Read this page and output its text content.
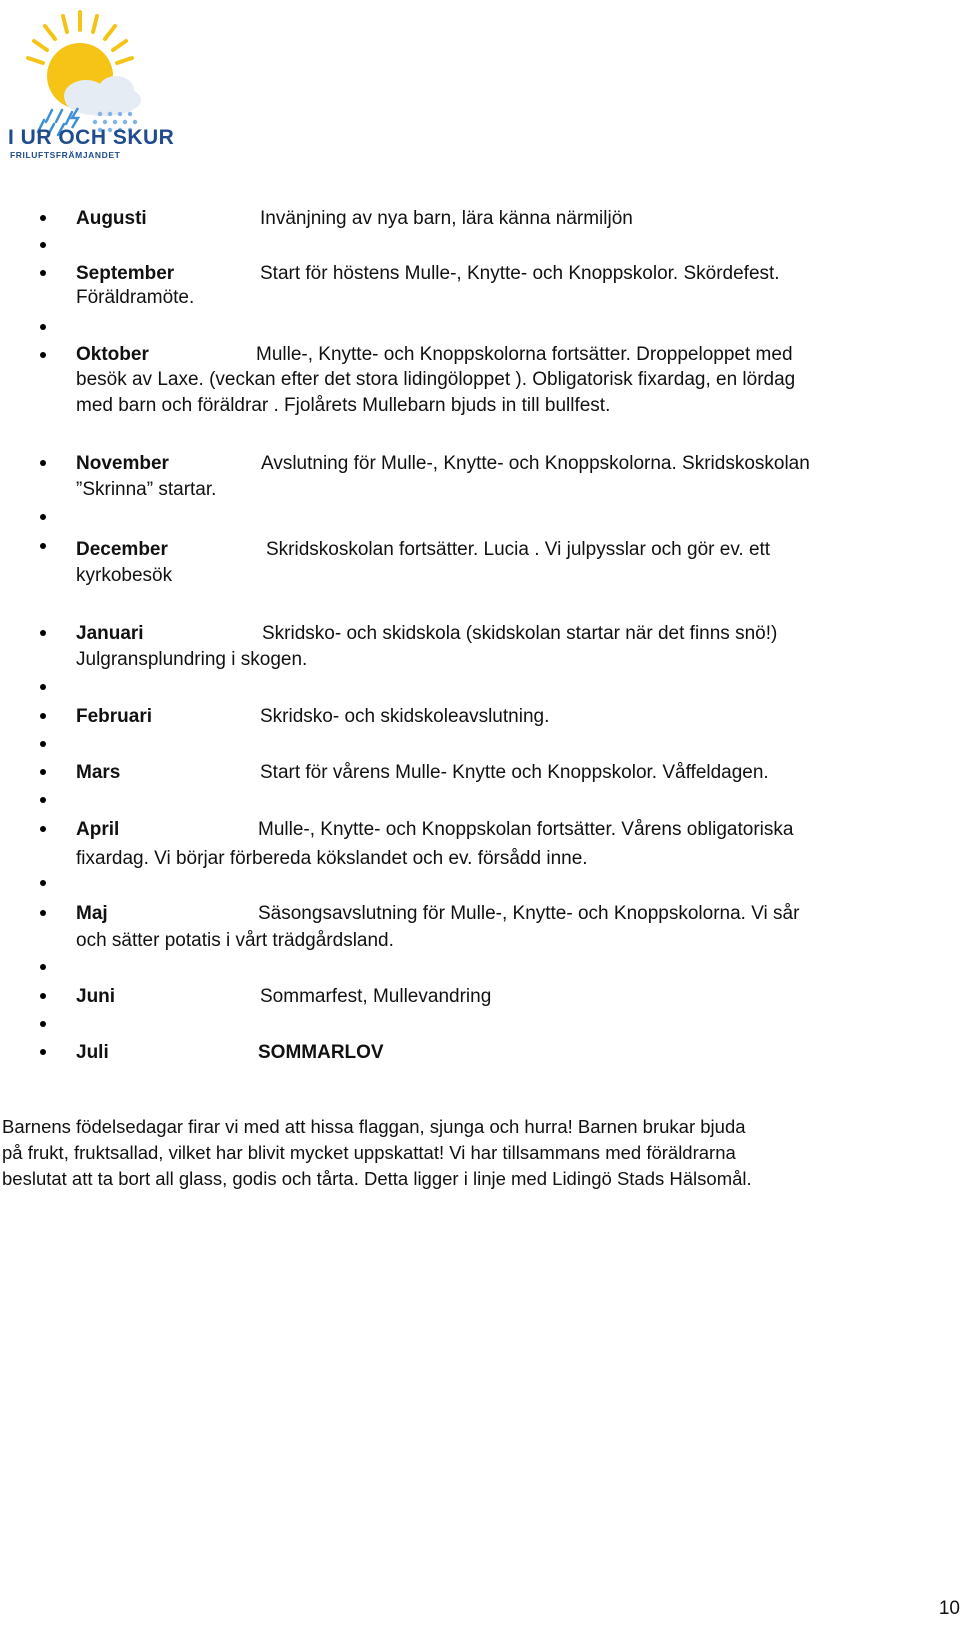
I UR OCH SKUR
FRILUFTSFRÄMJANDET
Augusti	Invänjning av nya barn, lära känna närmiljön
September	Start för höstens Mulle-, Knytte- och Knoppskolor. Skördefest.
Föräldramöte.
Oktober	Mulle-, Knytte- och Knoppskolorna fortsätter. Droppeloppet med
besök av Laxe. (veckan efter det stora lidingöloppet ). Obligatorisk fixardag, en lördag
med barn och föräldrar . Fjolårets Mullebarn bjuds in till bullfest.
November	Avslutning för Mulle-, Knytte- och Knoppskolorna. Skridskoskolan
”Skrinna” startar.
December	Skridskoskolan fortsätter. Lucia . Vi julpysslar och gör ev. ett
kyrkobesök
Januari	Skridsko- och skidskola (skidskolan startar när det finns snö!)
Julgransplundring i skogen.
Februari	Skridsko- och skidskoleavslutning.
Mars	Start för vårens Mulle- Knytte och Knoppskolor. Våffeldagen.
April	Mulle-, Knytte- och Knoppskolan fortsätter. Vårens obligatoriska
fixardag. Vi börjar förbereda kökslandet och ev. försådd inne.
Maj	Säsongsavslutning för Mulle-, Knytte- och Knoppskolorna. Vi sår
och sätter potatis i vårt trädgårdsland.
Juni	Sommarfest, Mullevandring
Juli	SOMMARLOV
Barnens födelsedagar firar vi med att hissa flaggan, sjunga och hurra! Barnen brukar bjuda
på frukt, fruktsallad, vilket har blivit mycket uppskattat! Vi har tillsammans med föräldrarna
beslutat att ta bort all glass, godis och tårta. Detta ligger i linje med Lidingö Stads Hälsomål.
10
